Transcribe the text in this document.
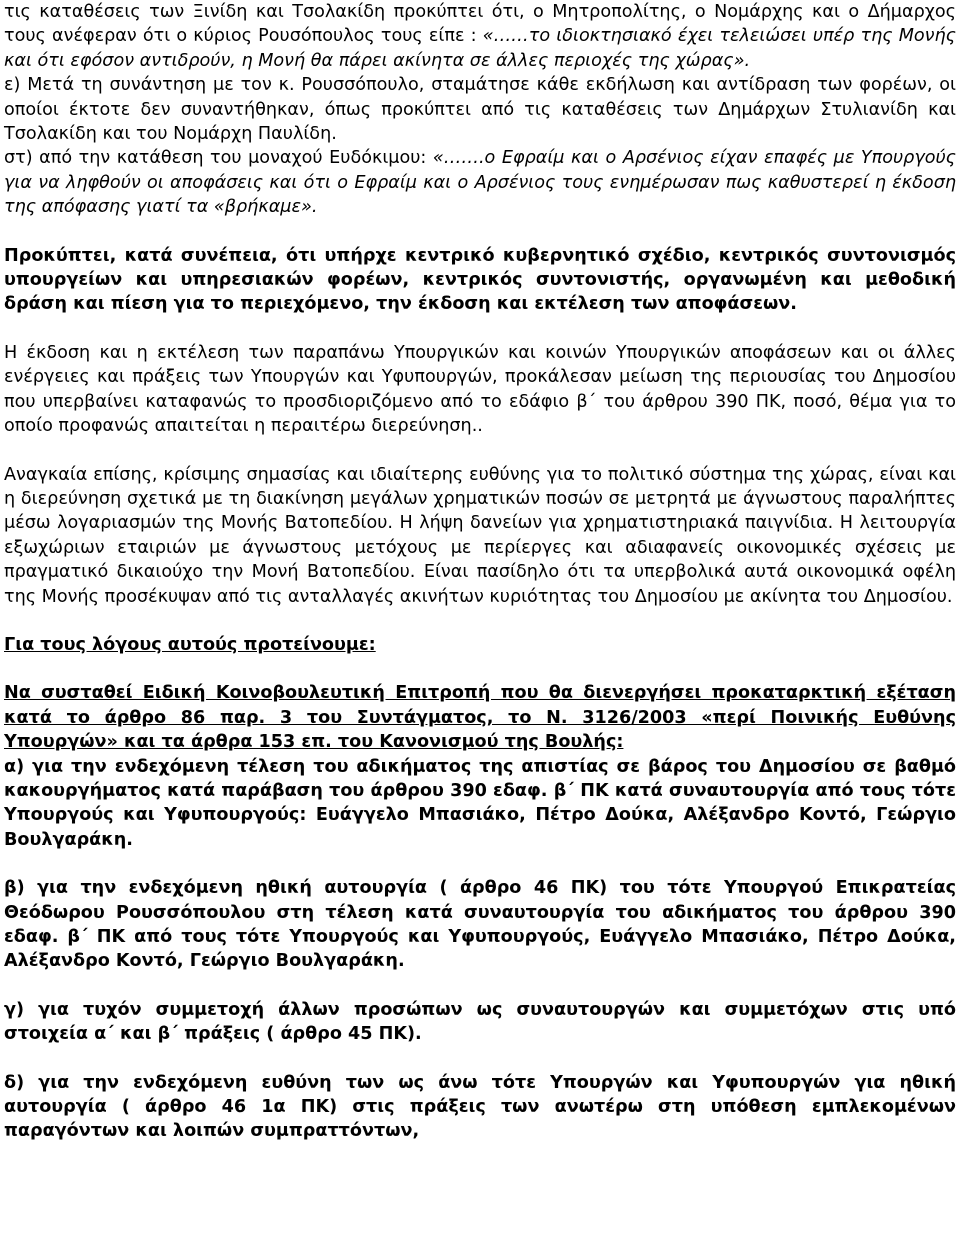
τις καταθέσεις των Ξινίδη και Τσολακίδη προκύπτει ότι, ο Μητροπολίτης, ο Νομάρχης και ο Δήμαρχος τους ανέφεραν ότι ο κύριος Ρουσόπουλος τους είπε : «……το ιδιοκτησιακό έχει τελειώσει υπέρ της Μονής και ότι εφόσον αντιδρούν, η Μονή θα πάρει ακίνητα σε άλλες περιοχές της χώρας».

ε) Μετά τη συνάντηση με τον κ. Ρουσσόπουλο, σταμάτησε κάθε εκδήλωση και αντίδραση των φορέων, οι οποίοι έκτοτε δεν συναντήθηκαν, όπως προκύπτει από τις καταθέσεις των Δημάρχων Στυλιανίδη και Τσολακίδη και του Νομάρχη Παυλίδη.

στ) από την κατάθεση του μοναχού Ευδόκιμου: «…….ο Εφραίμ και ο Αρσένιος είχαν επαφές με Υπουργούς για να ληφθούν οι αποφάσεις και ότι ο Εφραίμ και ο Αρσένιος τους ενημέρωσαν πως καθυστερεί η έκδοση της απόφασης γιατί τα «βρήκαμε».

Προκύπτει, κατά συνέπεια, ότι υπήρχε κεντρικό κυβερνητικό σχέδιο, κεντρικός συντονισμός υπουργείων και υπηρεσιακών φορέων, κεντρικός συντονιστής, οργανωμένη και μεθοδική δράση και πίεση για το περιεχόμενο, την έκδοση και εκτέλεση των αποφάσεων.

Η έκδοση και η εκτέλεση των παραπάνω Υπουργικών και κοινών Υπουργικών αποφάσεων και οι άλλες ενέργειες και πράξεις των Υπουργών και Υφυπουργών, προκάλεσαν μείωση της περιουσίας του Δημοσίου που υπερβαίνει καταφανώς το προσδιοριζόμενο από το εδάφιο β΄ του άρθρου 390 ΠΚ, ποσό, θέμα για το οποίο προφανώς απαιτείται η περαιτέρω διερεύνηση..

Αναγκαία επίσης, κρίσιμης σημασίας και ιδιαίτερης ευθύνης για το πολιτικό σύστημα της χώρας, είναι και η διερεύνηση σχετικά με τη διακίνηση μεγάλων χρηματικών ποσών σε μετρητά με άγνωστους παραλήπτες μέσω λογαριασμών της Μονής Βατοπεδίου. Η λήψη δανείων για χρηματιστηριακά παιγνίδια. Η λειτουργία εξωχώριων εταιριών με άγνωστους μετόχους με περίεργες και αδιαφανείς οικονομικές σχέσεις με πραγματικό δικαιούχο την Μονή Βατοπεδίου. Είναι πασίδηλο ότι τα υπερβολικά αυτά οικονομικά οφέλη της Μονής προσέκυψαν από τις ανταλλαγές ακινήτων κυριότητας του Δημοσίου με ακίνητα του Δημοσίου.

Για τους λόγους αυτούς προτείνουμε:

Να συσταθεί Ειδική Κοινοβουλευτική Επιτροπή που θα διενεργήσει προκαταρκτική εξέταση κατά το άρθρο 86 παρ. 3 του Συντάγματος, το Ν. 3126/2003 «περί Ποινικής Ευθύνης Υπουργών» και τα άρθρα 153 επ. του Κανονισμού της Βουλής:

α) για την ενδεχόμενη τέλεση του αδικήματος της απιστίας σε βάρος του Δημοσίου σε βαθμό κακουργήματος κατά παράβαση του άρθρου 390 εδαφ. β΄ ΠΚ κατά συναυτουργία από τους τότε Υπουργούς και Υφυπουργούς: Ευάγγελο Μπασιάκο, Πέτρο Δούκα, Αλέξανδρο Κοντό, Γεώργιο Βουλγαράκη.

β) για την ενδεχόμενη ηθική αυτουργία ( άρθρο 46 ΠΚ) του τότε Υπουργού Επικρατείας Θεόδωρου Ρουσσόπουλου στη τέλεση κατά συναυτουργία του αδικήματος του άρθρου 390 εδαφ. β΄ ΠΚ από τους τότε Υπουργούς και Υφυπουργούς, Ευάγγελο Μπασιάκο, Πέτρο Δούκα, Αλέξανδρο Κοντό, Γεώργιο Βουλγαράκη.

γ) για τυχόν συμμετοχή άλλων προσώπων ως συναυτουργών και συμμετόχων στις υπό στοιχεία α΄ και β΄ πράξεις ( άρθρο 45 ΠΚ).

δ) για την ενδεχόμενη ευθύνη των ως άνω τότε Υπουργών και Υφυπουργών για ηθική αυτουργία ( άρθρο 46 1α ΠΚ) στις πράξεις των ανωτέρω στη υπόθεση εμπλεκομένων παραγόντων και λοιπών συμπραττόντων,
